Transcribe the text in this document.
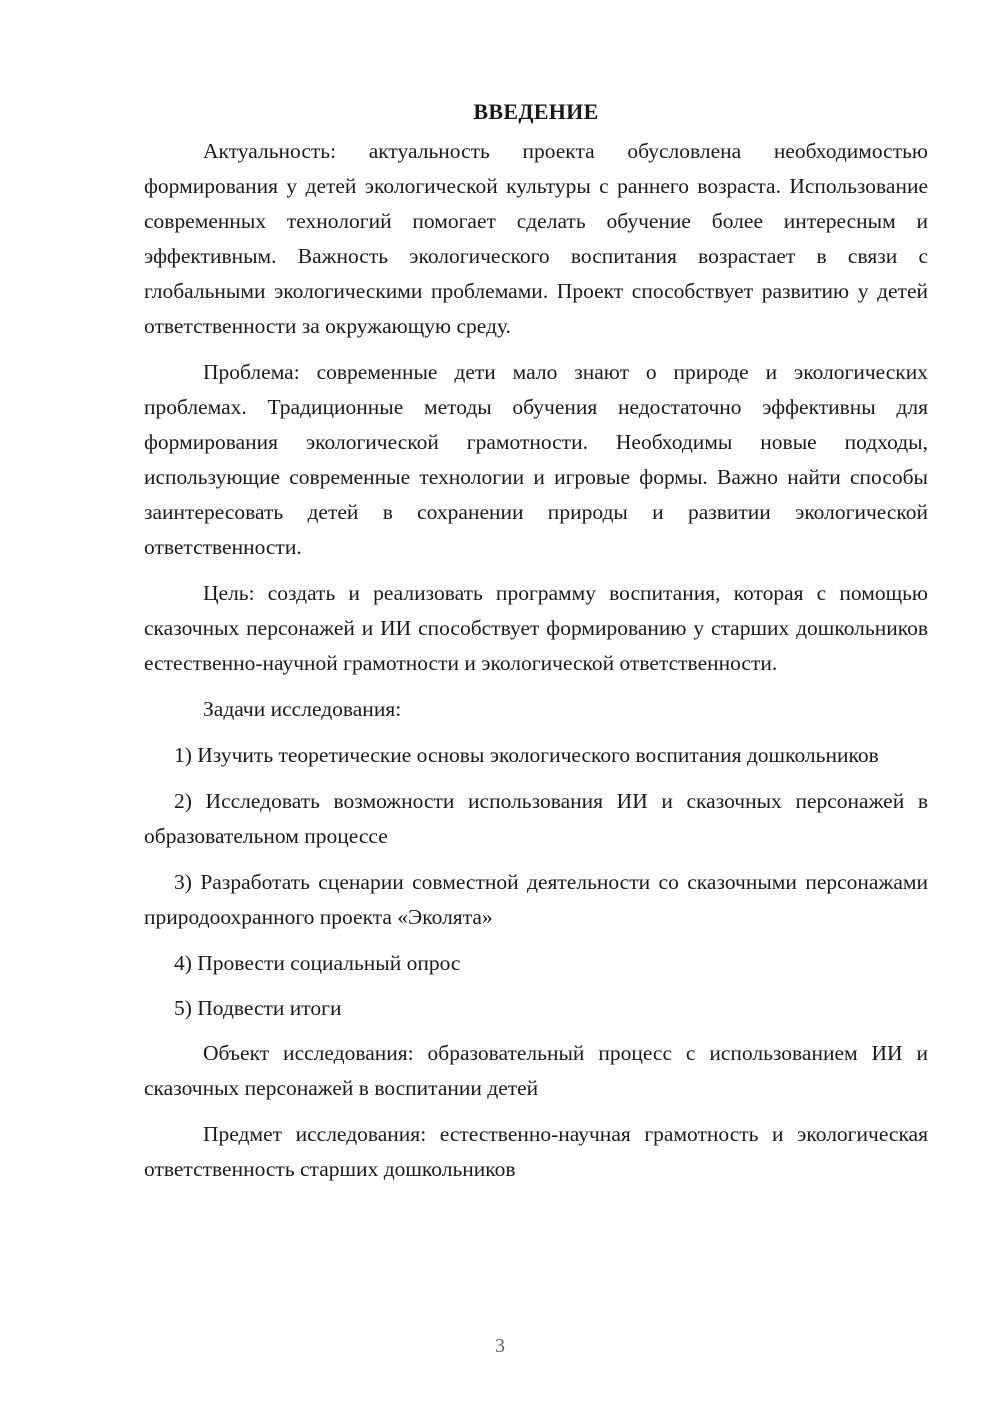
ВВЕДЕНИЕ

Актуальность: актуальность проекта обусловлена необходимостью формирования у детей экологической культуры с раннего возраста. Использование современных технологий помогает сделать обучение более интересным и эффективным. Важность экологического воспитания возрастает в связи с глобальными экологическими проблемами. Проект способствует развитию у детей ответственности за окружающую среду.

Проблема: современные дети мало знают о природе и экологических проблемах. Традиционные методы обучения недостаточно эффективны для формирования экологической грамотности. Необходимы новые подходы, использующие современные технологии и игровые формы. Важно найти способы заинтересовать детей в сохранении природы и развитии экологической ответственности.

Цель: создать и реализовать программу воспитания, которая с помощью сказочных персонажей и ИИ способствует формированию у старших дошкольников естественно-научной грамотности и экологической ответственности.

Задачи исследования:

1) Изучить теоретические основы экологического воспитания дошкольников

2) Исследовать возможности использования ИИ и сказочных персонажей в образовательном процессе

3) Разработать сценарии совместной деятельности со сказочными персонажами природоохранного проекта «Эколята»

4) Провести социальный опрос

5) Подвести итоги

Объект исследования: образовательный процесс с использованием ИИ и сказочных персонажей в воспитании детей

Предмет исследования: естественно-научная грамотность и экологическая ответственность старших дошкольников

3
